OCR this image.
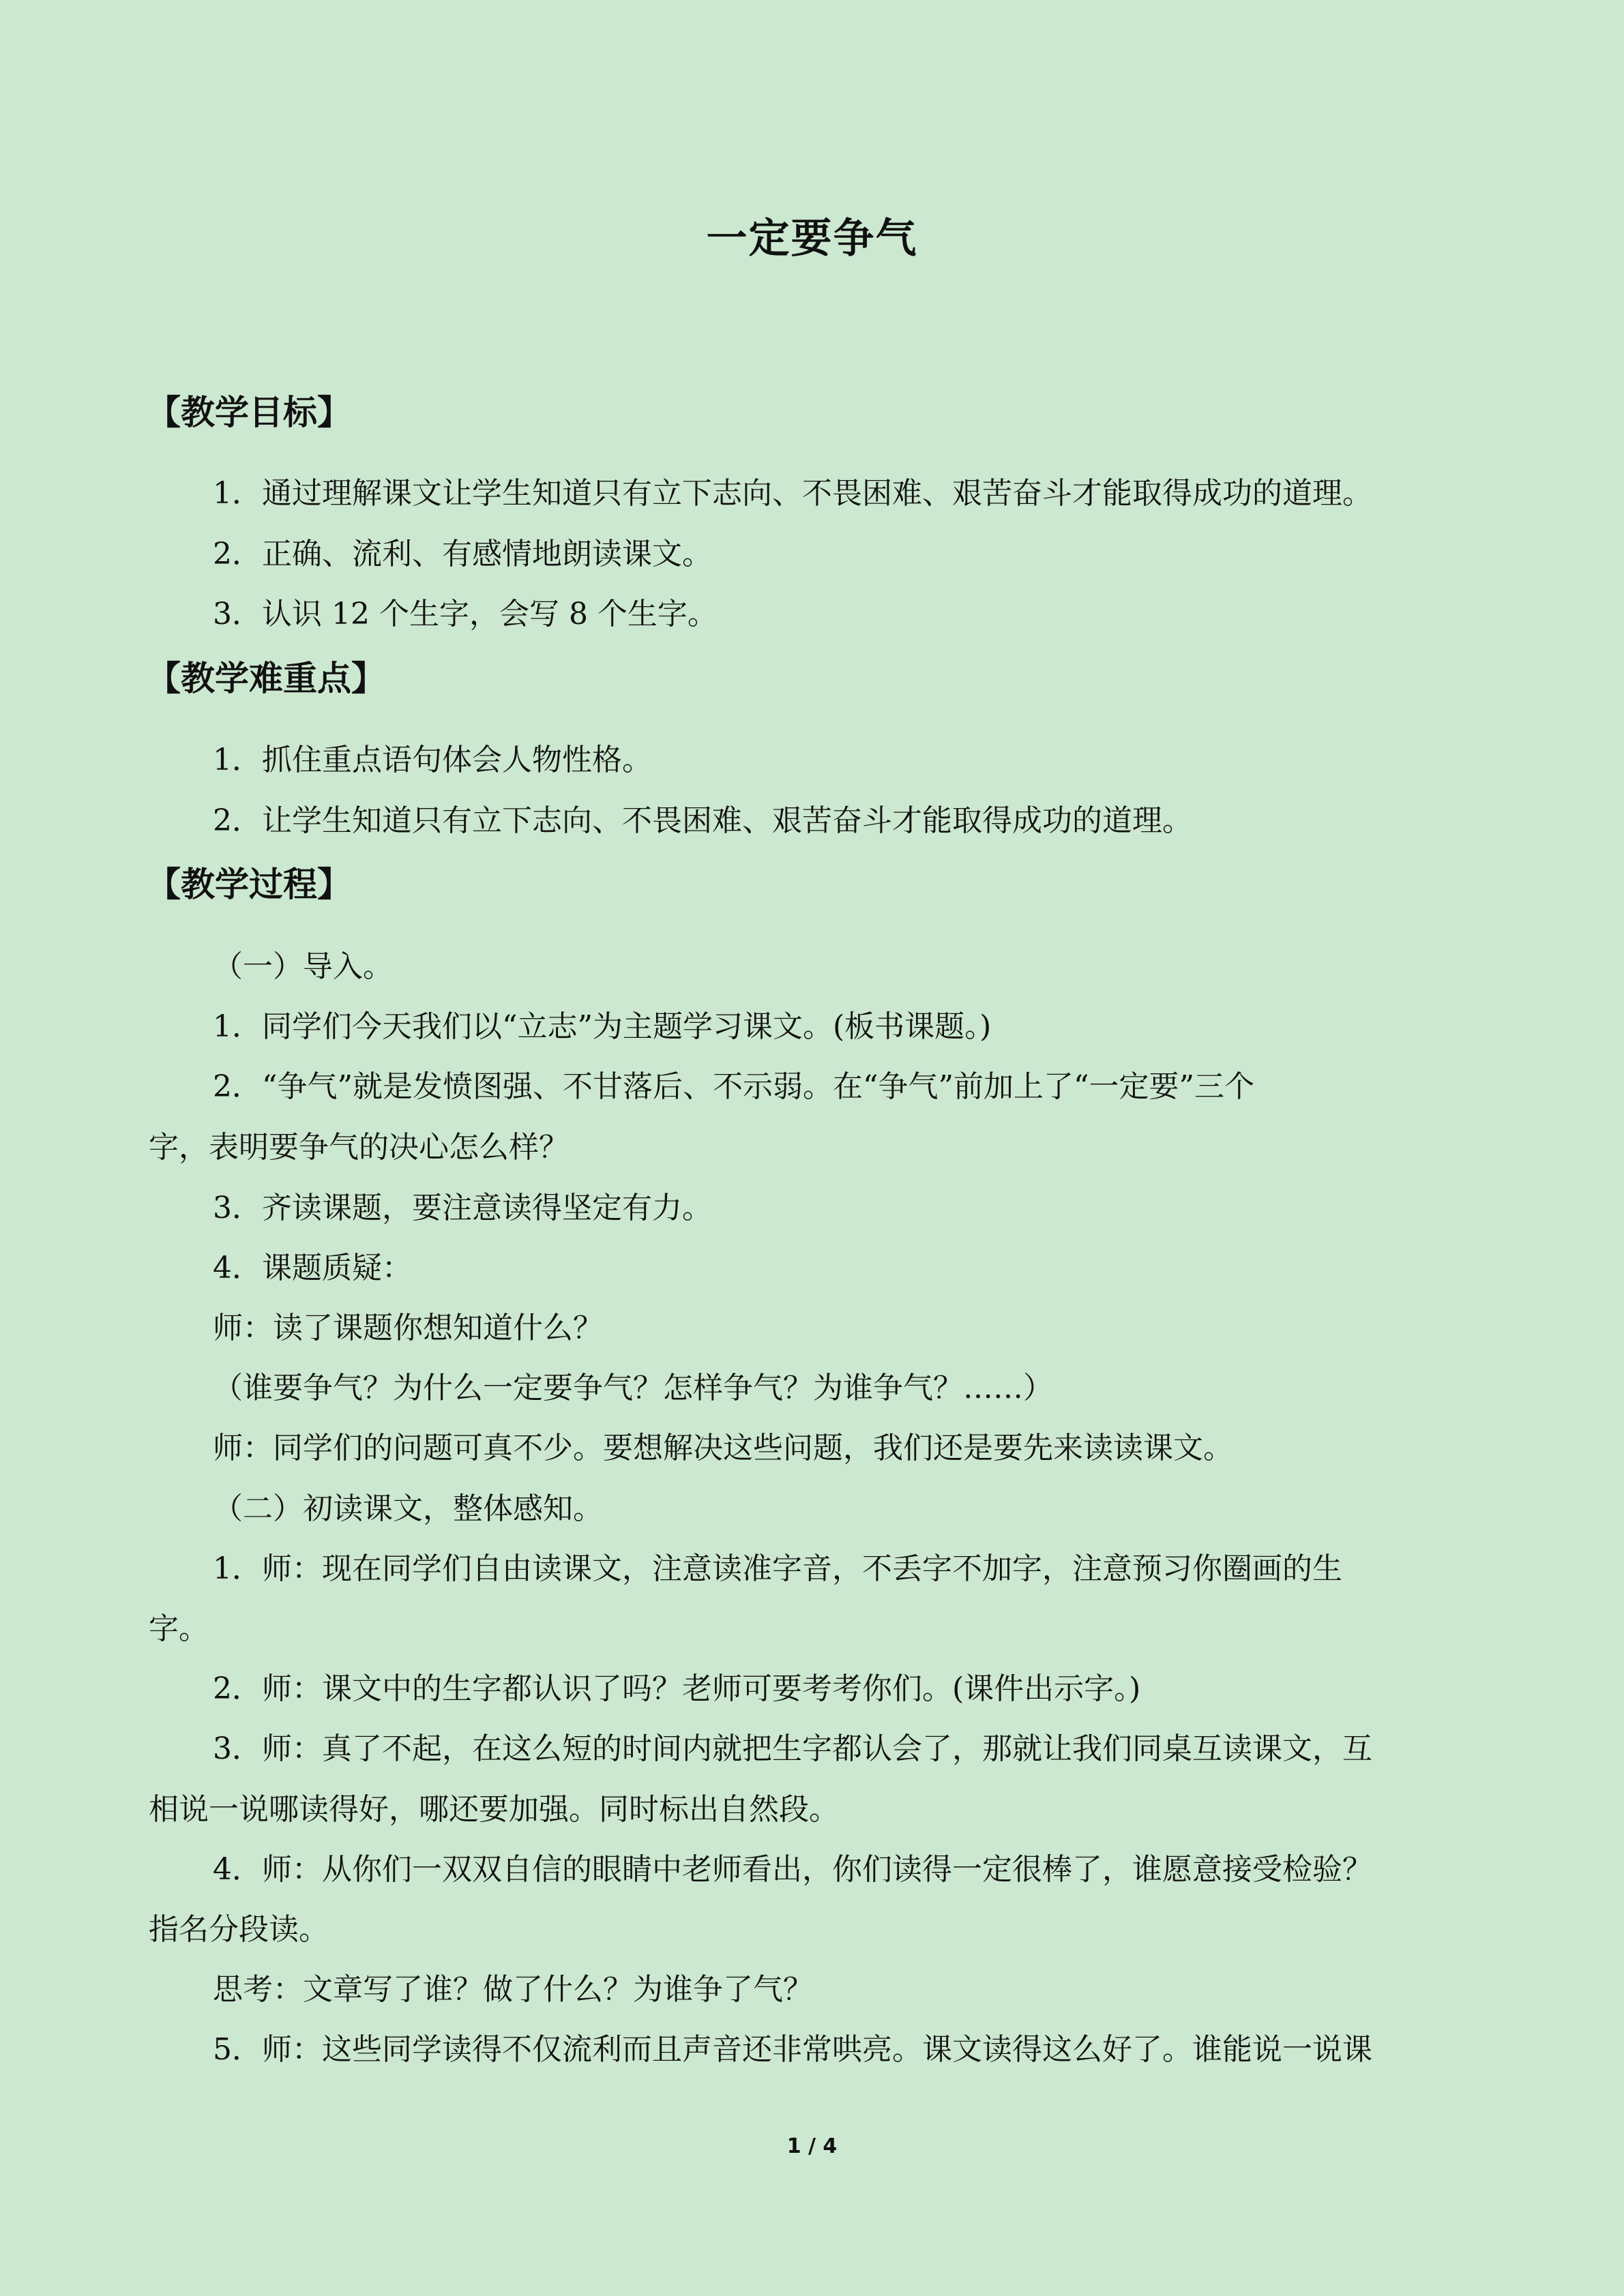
一定要争气
【教学目标】
1．通过理解课文让学生知道只有立下志向、不畏困难、艰苦奋斗才能取得成功的道理。
2．正确、流利、有感情地朗读课文。
3．认识 12 个生字，会写 8 个生字。
【教学难重点】
1．抓住重点语句体会人物性格。
2．让学生知道只有立下志向、不畏困难、艰苦奋斗才能取得成功的道理。
【教学过程】
（一）导入。
1．同学们今天我们以“立志”为主题学习课文。(板书课题。)
2．“争气”就是发愤图强、不甘落后、不示弱。在“争气”前加上了“一定要”三个
字，表明要争气的决心怎么样？
3．齐读课题，要注意读得坚定有力。
4．课题质疑：
师：读了课题你想知道什么？
（谁要争气？为什么一定要争气？怎样争气？为谁争气？……）
师：同学们的问题可真不少。要想解决这些问题，我们还是要先来读读课文。
（二）初读课文，整体感知。
1．师：现在同学们自由读课文，注意读准字音，不丢字不加字，注意预习你圈画的生
字。
2．师：课文中的生字都认识了吗？老师可要考考你们。(课件出示字。)
3．师：真了不起，在这么短的时间内就把生字都认会了，那就让我们同桌互读课文，互
相说一说哪读得好，哪还要加强。同时标出自然段。
4．师：从你们一双双自信的眼睛中老师看出，你们读得一定很棒了，谁愿意接受检验？
指名分段读。
思考：文章写了谁？做了什么？为谁争了气？
5．师：这些同学读得不仅流利而且声音还非常哄亮。课文读得这么好了。谁能说一说课
1 / 4
